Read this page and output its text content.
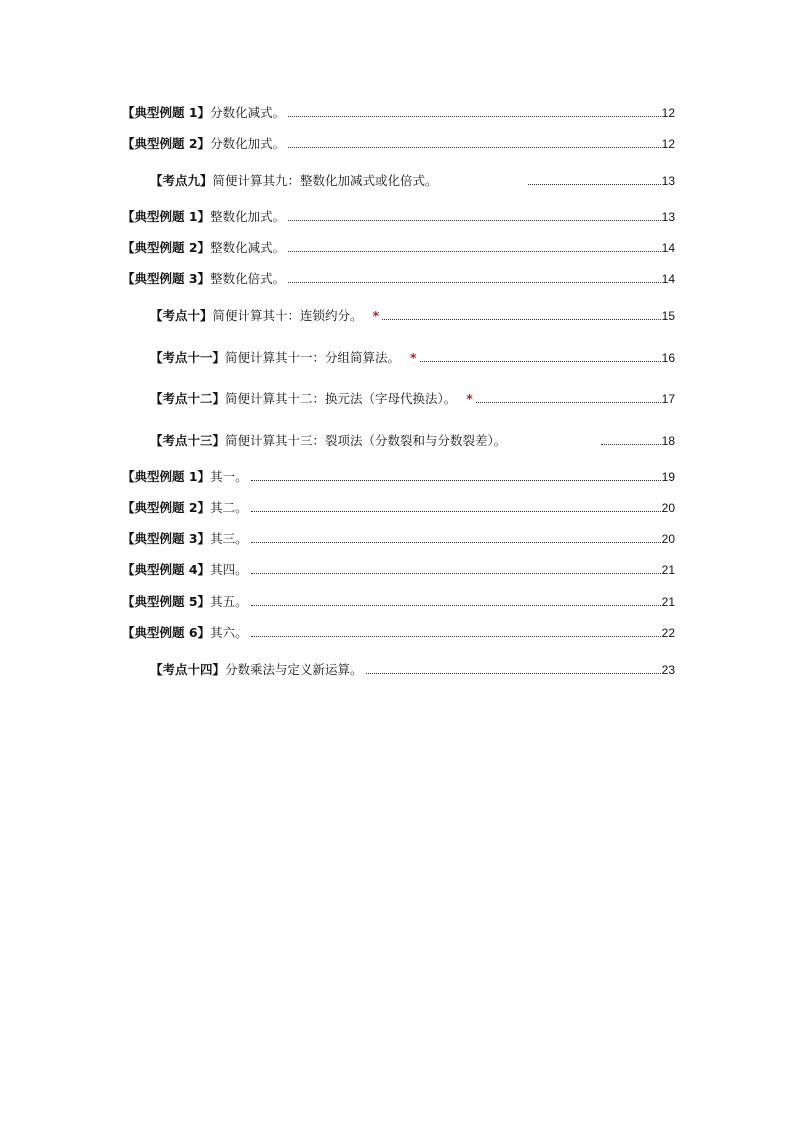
【典型例题 1】分数化减式。	12
【典型例题 2】分数化加式。	12
【考点九】简便计算其九：整数化加减式或化倍式。	13
【典型例题 1】整数化加式。	13
【典型例题 2】整数化减式。	14
【典型例题 3】整数化倍式。	14
【考点十】简便计算其十：连锁约分。 *	15
【考点十一】简便计算其十一：分组简算法。 *	16
【考点十二】简便计算其十二：换元法（字母代换法）。 *	17
【考点十三】简便计算其十三：裂项法（分数裂和与分数裂差）。	18
【典型例题 1】其一。	19
【典型例题 2】其二。	20
【典型例题 3】其三。	20
【典型例题 4】其四。	21
【典型例题 5】其五。	21
【典型例题 6】其六。	22
【考点十四】分数乘法与定义新运算。	23
